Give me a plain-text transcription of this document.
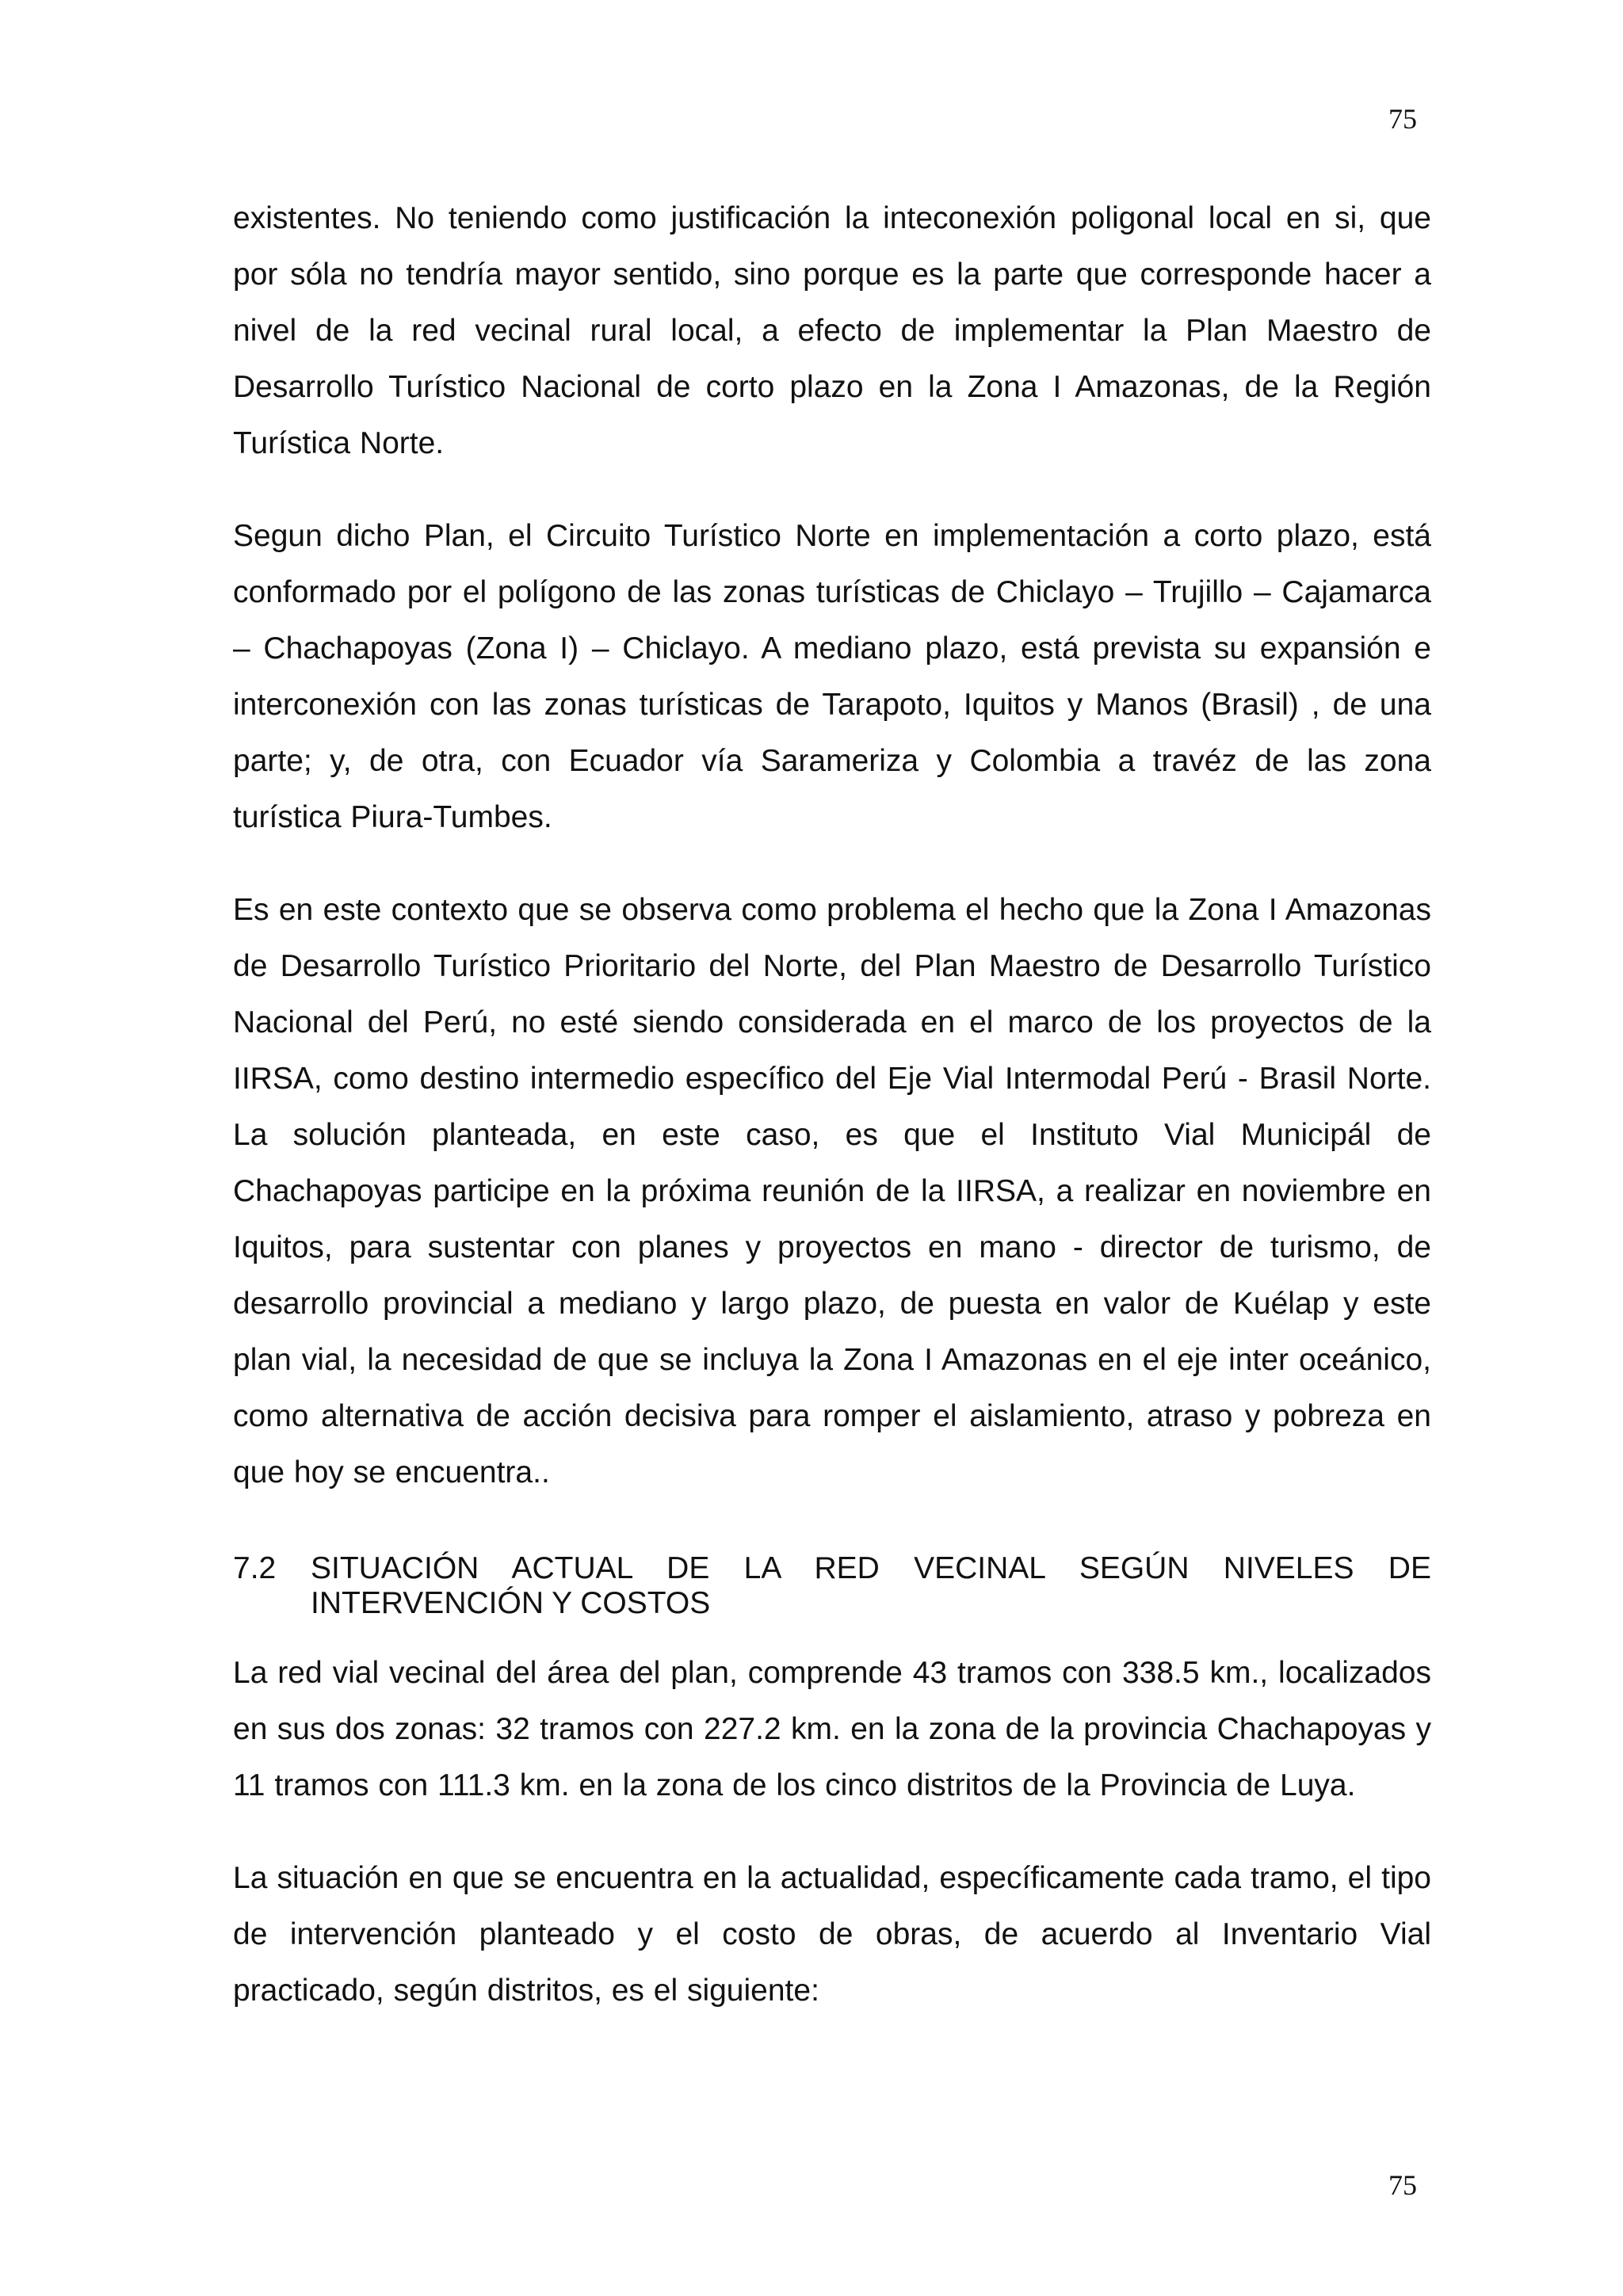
75

existentes. No teniendo como justificación la inteconexión poligonal local en si, que por sóla no tendría mayor sentido, sino porque es la parte que corresponde hacer a nivel de la red vecinal rural local, a efecto de implementar la Plan Maestro de Desarrollo Turístico Nacional de corto plazo en la Zona I Amazonas, de la Región Turística Norte.

Segun dicho Plan, el Circuito Turístico Norte en implementación a corto plazo, está conformado por el polígono de las zonas turísticas de Chiclayo – Trujillo – Cajamarca – Chachapoyas (Zona I) – Chiclayo. A mediano plazo, está prevista su expansión e interconexión con las zonas turísticas de Tarapoto, Iquitos y Manos (Brasil) , de una parte; y, de otra, con Ecuador vía Sarameriza y Colombia a travéz de las zona turística Piura-Tumbes.

Es en este contexto que se observa como problema el hecho que la Zona I Amazonas de Desarrollo Turístico Prioritario del Norte, del Plan Maestro de Desarrollo Turístico Nacional del Perú, no esté siendo considerada en el marco de los proyectos de la IIRSA, como destino intermedio específico del Eje Vial Intermodal Perú - Brasil Norte. La solución planteada, en este caso, es que el Instituto Vial Municipál de Chachapoyas participe en la próxima reunión de la IIRSA, a realizar en noviembre en Iquitos, para sustentar con planes y proyectos en mano - director de turismo, de desarrollo provincial a mediano y largo plazo, de puesta en valor de Kuélap y este plan vial, la necesidad de que se incluya la Zona I Amazonas en el eje inter oceánico, como alternativa de acción decisiva para romper el aislamiento, atraso y pobreza en que hoy se encuentra..

7.2 SITUACIÓN ACTUAL DE LA RED VECINAL SEGÚN NIVELES DE
INTERVENCIÓN Y COSTOS

La red vial vecinal del área del plan, comprende 43 tramos con 338.5 km., localizados en sus dos zonas: 32 tramos con 227.2 km. en la zona de la provincia Chachapoyas y 11 tramos con 111.3 km. en la zona de los cinco distritos de la Provincia de Luya.

La situación en que se encuentra en la actualidad, específicamente cada tramo, el tipo de intervención planteado y el costo de obras, de acuerdo al Inventario Vial practicado, según distritos, es el siguiente:

75
